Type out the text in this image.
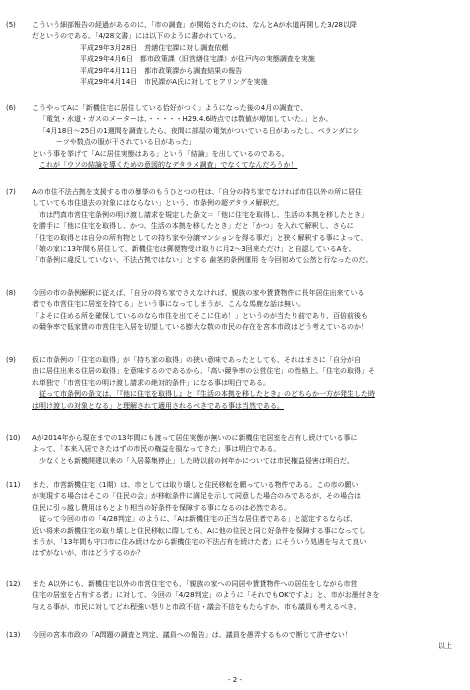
(5)	こういう細部報告の経過があるのに、「市の調査」が開始されたのは、なんとAが水道再開した3/28以降
だというのである。「4/28文書」には以下のように書かれている。
平成29年3月28日　営繕住宅課に対し調査依頼
平成29年4月6日　都市政策課（旧営繕住宅課）が住戸内の実態調査を実施
平成29年4月11日　都市政策課から調査結果の報告
平成29年4月14日　市民課がA氏に対してヒアリングを実施
(6)	こうやってAに「新機住宅に居住している恰好がつく」ようになった後の4月の調査で、
「電気・水道・ガスのメーターは、・・・・・H29.4.6時点では数値が増加していた。」とか、
「4月18日～25日の1週間を調査したら、夜間に部屋の電気がついている日があったし、ベランダにシ
ーツや数点の服が干されている日があった」
という事を挙げて「Aに居住実態はある」という「結論」を出しているのである。
これが「ウソの結論を導くための意図的なデタラメ調査」でなくてなんだろうか！
(7)	Aの市住不法占拠を支援する市の暴挙のもうひとつの柱は、「自分の持ち家でなければ市住以外の所に居住
していても市住退去の対象にはならない」という、市条例の超デタラメ解釈だ。
市は門真市営住宅条例の明け渡し請求を規定した条文＝「他に住宅を取得し、生活の本拠を移したとき」
を勝手に「他に住宅を取得し、かつ、生活の本拠を移したとき」だと「かつ」を入れて解釈し、さらに
「住宅の取得とは自分の所有物としての持ち家や分譲マンションを得る事だ」と狭く解釈する事によって、
「娘の家に13年間も居住して、新機住宅は郵便物受け取りに月2～3回来ただけ」と自認しているAを、
「市条例に違反していない、不法占拠ではない」とする 歯茎的条例運用 を今回初めて公然と行なったのだ。
(8)	今回の市の条例解釈に従えば、「自分の持ち家でさえなければ、親族の家や賃貸物件に長年居住出来ている
者でも市営住宅に居室を持てる」という事になってしまうが、こんな馬鹿な話は無い。
「よそに住める所を確保しているのなら市住を出てそこに住め！」というのが当たり前であり、百倍前後も
の競争率で低家賃の市営住宅入居を切望している膨大な数の市民の存在を宮本市政はどう考えているのか！
(9)	仮に市条例の「住宅の取得」が「持ち家の取得」の狭い意味であったとしても、それはまさに「自分が自
由に居住出来る住居の取得」を意味するのであるから、「高い競争率の公営住宅」の性格上、「住宅の取得」そ
れ単独で「市営住宅の明け渡し請求の絶対的条件」になる事は明白である。
従って市条例の条文は、「『他に住宅を取得し』と『生活の本拠を移したとき』のどちらか一方が発生した時
は明け渡しの対象となる」と理解されて適用されるべきである事は当然である。
(10)	Aが2014年から現在までの13年間にも渡って居住実態が無いのに新機住宅居室を占有し続けている事に
よって、「本来入居できたはずの市民の権益を損なってきた」事は明白である。
少なくとも新機開建以来の「入居募集停止」した時以前の何年かについては市民権益侵害は明白だ。
(11)	また、市営新機住宅（1期）は、市としては取り壊しと住民移転を願っている物件である。この市の願い
が実現する場合はそこの「住民の会」が移転条件に満足を示して同意した場合のみであるが、その場合は
住民に引っ越し費用はもとより相当の好条件を保障する事になるのは必然である。
従って今回の市の「4/28判定」のように、「Aは新機住宅の正当な居住者である」と認定するならば、
近い将来の新機住宅の取り壊しと住民移転に際しても、Aに他の住民と同じ好条件を保障する事になってし
まうが、「13年間も守口市に住み続けながら新機住宅の不法占有を続けた者」にそういう処遇を与えて良い
はずがないが、市はどうするのか？
(12)	また A以外にも、新機住宅以外の市営住宅でも、「親族の家への同居や賃貸物件への居住をしながら市営
住宅の居室を占有する者」に対して、今回の「4/28判定」のように「それでもOKですよ」と、市がお墨付きを
与える事が、市民に対してどれ程強い怒りと市政不信・議会不信をもたらすか、市も議員も考えるべき。
(13)	今回の宮本市政の「A問題の調査と判定、議員への報告」は、議員を愚弄するもので断じて許せない！
以上
- 2 -
